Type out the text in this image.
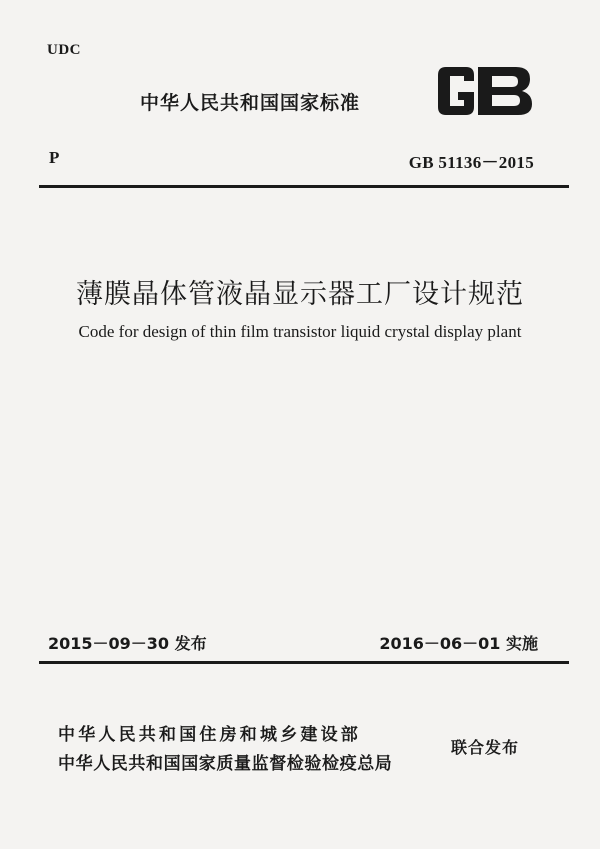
UDC
中华人民共和国国家标准
P	GB 51136－2015
薄膜晶体管液晶显示器工厂设计规范
Code for design of thin film transistor liquid crystal display plant
2015－09－30 发布	2016－06－01 实施
中华人民共和国住房和城乡建设部
中华人民共和国国家质量监督检验检疫总局
联合发布
